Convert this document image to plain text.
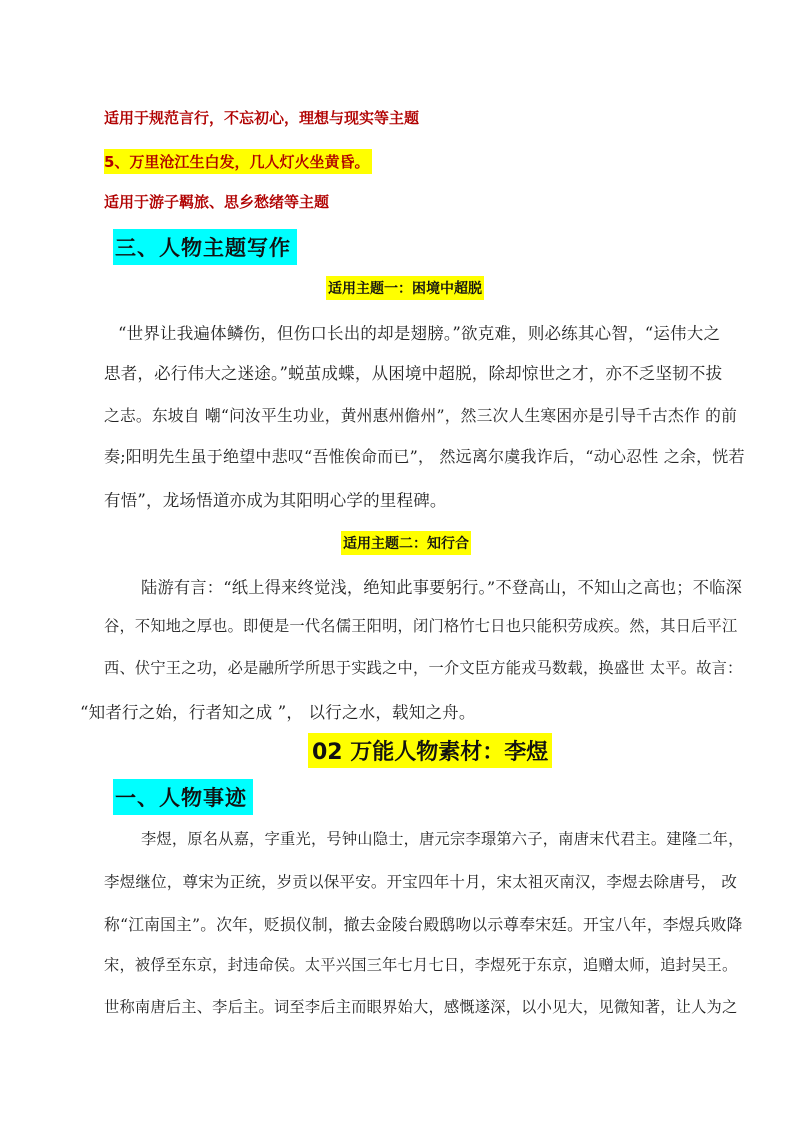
适用于规范言行，不忘初心，理想与现实等主题
5、万里沧江生白发，几人灯火坐黄昏。
适用于游子羁旅、思乡愁绪等主题
三、人物主题写作
适用主题一：困境中超脱
“世界让我遍体鳞伤，但伤口长出的却是翅膀。”欲克难，则必练其心智，“运伟大之
思者，必行伟大之迷途。”蜕茧成蝶，从困境中超脱，除却惊世之才，亦不乏坚韧不拔
之志。东坡自 嘲“问汝平生功业，黄州惠州儋州”，然三次人生寒困亦是引导千古杰作 的前
奏;阳明先生虽于绝望中悲叹“吾惟俟命而已”， 然远离尔虞我诈后，“动心忍性 之余，恍若
有悟”，龙场悟道亦成为其阳明心学的里程碑。
适用主题二：知行合
陆游有言：“纸上得来终觉浅，绝知此事要躬行。”不登高山，不知山之高也；不临深
谷，不知地之厚也。即便是一代名儒王阳明，闭门格竹七日也只能积劳成疾。然，其日后平江
西、伏宁王之功，必是融所学所思于实践之中，一介文臣方能戎马数载，换盛世 太平。故言：
“知者行之始，行者知之成 ”， 以行之水，载知之舟。
02 万能人物素材：李煜
一、人物事迹
李煜，原名从嘉，字重光，号钟山隐士，唐元宗李璟第六子，南唐末代君主。建隆二年，
李煜继位，尊宋为正统，岁贡以保平安。开宝四年十月，宋太祖灭南汉，李煜去除唐号， 改
称“江南国主”。次年，贬损仪制，撤去金陵台殿鸱吻以示尊奉宋廷。开宝八年，李煜兵败降
宋，被俘至东京，封违命侯。太平兴国三年七月七日，李煜死于东京，追赠太师，追封吴王。
世称南唐后主、李后主。词至李后主而眼界始大，感慨遂深，以小见大，见微知著，让人为之
